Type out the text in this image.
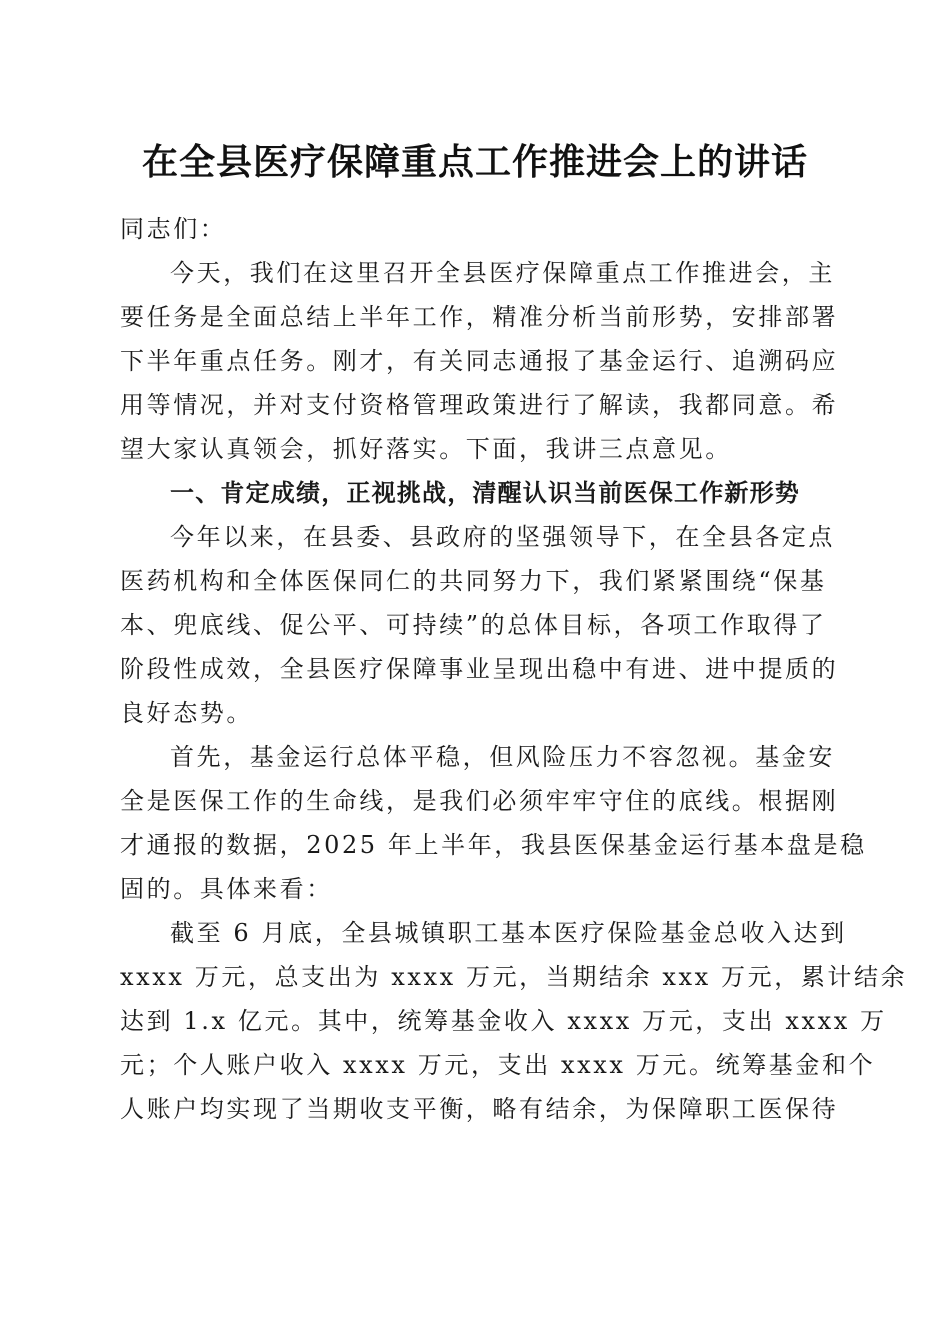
在全县医疗保障重点工作推进会上的讲话

同志们：

今天，我们在这里召开全县医疗保障重点工作推进会，主
要任务是全面总结上半年工作，精准分析当前形势，安排部署
下半年重点任务。刚才，有关同志通报了基金运行、追溯码应
用等情况，并对支付资格管理政策进行了解读，我都同意。希
望大家认真领会，抓好落实。下面，我讲三点意见。

一、肯定成绩，正视挑战，清醒认识当前医保工作新形势

今年以来，在县委、县政府的坚强领导下，在全县各定点
医药机构和全体医保同仁的共同努力下，我们紧紧围绕“保基
本、兜底线、促公平、可持续”的总体目标，各项工作取得了
阶段性成效，全县医疗保障事业呈现出稳中有进、进中提质的
良好态势。

首先，基金运行总体平稳，但风险压力不容忽视。基金安
全是医保工作的生命线，是我们必须牢牢守住的底线。根据刚
才通报的数据，2025 年上半年，我县医保基金运行基本盘是稳
固的。具体来看：

截至 6 月底，全县城镇职工基本医疗保险基金总收入达到
xxxx 万元，总支出为 xxxx 万元，当期结余 xxx 万元，累计结余
达到 1.x 亿元。其中，统筹基金收入 xxxx 万元，支出 xxxx 万
元；个人账户收入 xxxx 万元，支出 xxxx 万元。统筹基金和个
人账户均实现了当期收支平衡，略有结余，为保障职工医保待
